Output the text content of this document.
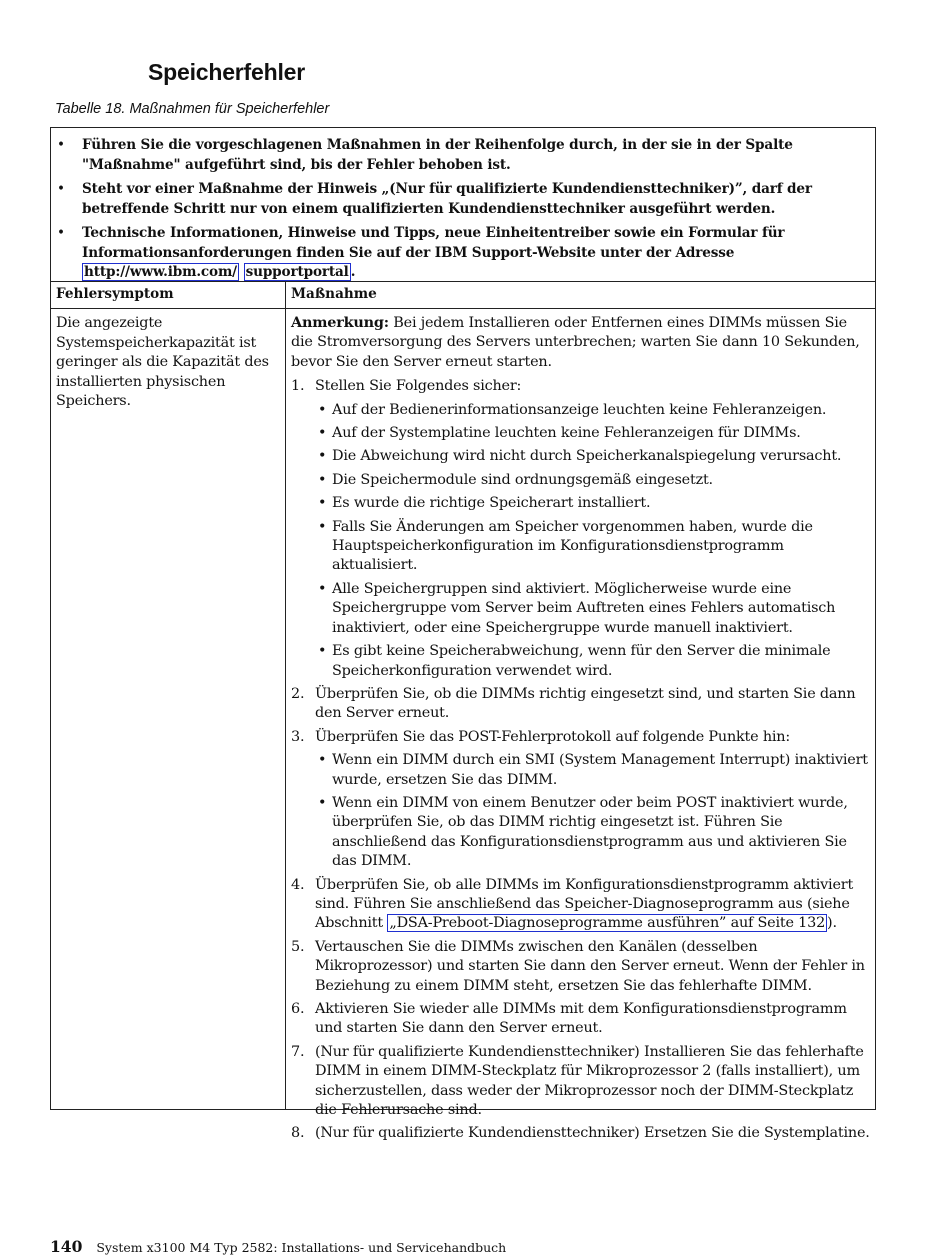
Speicherfehler
Tabelle 18. Maßnahmen für Speicherfehler
• Führen Sie die vorgeschlagenen Maßnahmen in der Reihenfolge durch, in der sie in der Spalte "Maßnahme" aufgeführt sind, bis der Fehler behoben ist.
• Steht vor einer Maßnahme der Hinweis „(Nur für qualifizierte Kundendiensttechniker)”, darf der betreffende Schritt nur von einem qualifizierten Kundendiensttechniker ausgeführt werden.
• Technische Informationen, Hinweise und Tipps, neue Einheitentreiber sowie ein Formular für Informationsanforderungen finden Sie auf der IBM Support-Website unter der Adresse http://www.ibm.com/ supportportal .
Fehlersymptom	Maßnahme
Die angezeigte Systemspeicherkapazität ist geringer als die Kapazität des installierten physischen Speichers.
Anmerkung: Bei jedem Installieren oder Entfernen eines DIMMs müssen Sie die Stromversorgung des Servers unterbrechen; warten Sie dann 10 Sekunden, bevor Sie den Server erneut starten.
1. Stellen Sie Folgendes sicher:
• Auf der Bedienerinformationsanzeige leuchten keine Fehleranzeigen.
• Auf der Systemplatine leuchten keine Fehleranzeigen für DIMMs.
• Die Abweichung wird nicht durch Speicherkanalspiegelung verursacht.
• Die Speichermodule sind ordnungsgemäß eingesetzt.
• Es wurde die richtige Speicherart installiert.
• Falls Sie Änderungen am Speicher vorgenommen haben, wurde die Hauptspeicherkonfiguration im Konfigurationsdienstprogramm aktualisiert.
• Alle Speichergruppen sind aktiviert. Möglicherweise wurde eine Speichergruppe vom Server beim Auftreten eines Fehlers automatisch inaktiviert, oder eine Speichergruppe wurde manuell inaktiviert.
• Es gibt keine Speicherabweichung, wenn für den Server die minimale Speicherkonfiguration verwendet wird.
2. Überprüfen Sie, ob die DIMMs richtig eingesetzt sind, und starten Sie dann den Server erneut.
3. Überprüfen Sie das POST-Fehlerprotokoll auf folgende Punkte hin:
• Wenn ein DIMM durch ein SMI (System Management Interrupt) inaktiviert wurde, ersetzen Sie das DIMM.
• Wenn ein DIMM von einem Benutzer oder beim POST inaktiviert wurde, überprüfen Sie, ob das DIMM richtig eingesetzt ist. Führen Sie anschließend das Konfigurationsdienstprogramm aus und aktivieren Sie das DIMM.
4. Überprüfen Sie, ob alle DIMMs im Konfigurationsdienstprogramm aktiviert sind. Führen Sie anschließend das Speicher-Diagnoseprogramm aus (siehe Abschnitt „DSA-Preboot-Diagnoseprogramme ausführen” auf Seite 132 ).
5. Vertauschen Sie die DIMMs zwischen den Kanälen (desselben Mikroprozessor) und starten Sie dann den Server erneut. Wenn der Fehler in Beziehung zu einem DIMM steht, ersetzen Sie das fehlerhafte DIMM.
6. Aktivieren Sie wieder alle DIMMs mit dem Konfigurationsdienstprogramm und starten Sie dann den Server erneut.
7. (Nur für qualifizierte Kundendiensttechniker) Installieren Sie das fehlerhafte DIMM in einem DIMM-Steckplatz für Mikroprozessor 2 (falls installiert), um sicherzustellen, dass weder der Mikroprozessor noch der DIMM-Steckplatz die Fehlerursache sind.
8. (Nur für qualifizierte Kundendiensttechniker) Ersetzen Sie die Systemplatine.
140 System x3100 M4 Typ 2582: Installations- und Servicehandbuch
